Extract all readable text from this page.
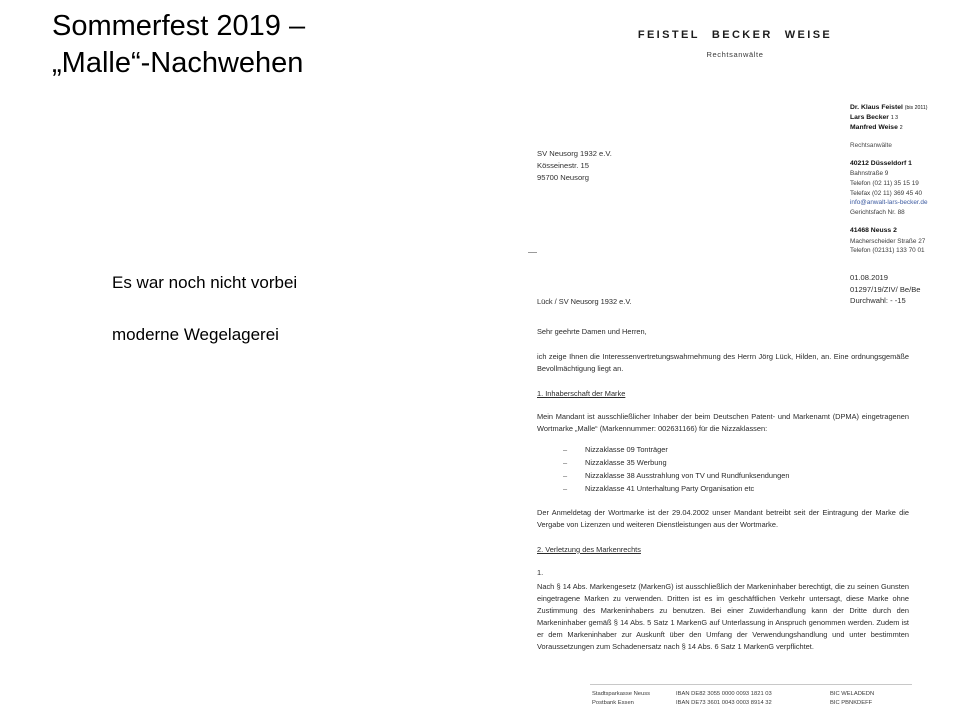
Sommerfest 2019 –
„Malle“-Nachwehen

Es war noch nicht vorbei

moderne Wegelagerei

FEISTEL BECKER WEISE
Rechtsanwälte
Dr. Klaus Feistel (bis 2011)
Lars Becker 1 3
Manfred Weise 2
Rechtsanwälte
40212 Düsseldorf 1
Bahnstraße 9
Telefon (02 11) 35 15 19
Telefax (02 11) 369 45 40
info@anwalt-lars-becker.de
Gerichtsfach Nr. 88
41468 Neuss 2
Macherscheider Straße 27
Telefon (02131) 133 70 01
01.08.2019
01297/19/ZIV/ Be/Be
Durchwahl: - -15
SV Neusorg 1932 e.V.
Kösseinestr. 15
95700 Neusorg
Lück / SV Neusorg 1932 e.V.
Sehr geehrte Damen und Herren,

ich zeige Ihnen die Interessenvertretungswahrnehmung des Herrn Jörg Lück, Hilden, an. Eine ordnungsgemäße Bevollmächtigung liegt an.

1. Inhaberschaft der Marke

Mein Mandant ist ausschließlicher Inhaber der beim Deutschen Patent- und Markenamt (DPMA) eingetragenen Wortmarke „Malle“ (Markennummer: 002631166) für die Nizzaklassen:

– Nizzaklasse 09 Tonträger
– Nizzaklasse 35 Werbung
– Nizzaklasse 38 Ausstrahlung von TV und Rundfunksendungen
– Nizzaklasse 41 Unterhaltung Party Organisation etc

Der Anmeldetag der Wortmarke ist der 29.04.2002 unser Mandant betreibt seit der Eintragung der Marke die Vergabe von Lizenzen und weiteren Dienstleistungen aus der Wortmarke.

2. Verletzung des Markenrechts

1.

Nach § 14 Abs. Markengesetz (MarkenG) ist ausschließlich der Markeninhaber berechtigt, die zu seinen Gunsten eingetragene Marken zu verwenden. Dritten ist es im geschäftlichen Verkehr untersagt, diese Marke ohne Zustimmung des Markeninhabers zu benutzen. Bei einer Zuwiderhandlung kann der Dritte durch den Markeninhaber gemäß § 14 Abs. 5 Satz 1 MarkenG auf Unterlassung in Anspruch genommen werden. Zudem ist er dem Markeninhaber zur Auskunft über den Umfang der Verwendungshandlung und unter bestimmten Voraussetzungen zum Schadenersatz nach § 14 Abs. 6 Satz 1 MarkenG verpflichtet.

Stadtsparkasse Neuss
Postbank Essen
IBAN DE82 3055 0000 0093 1821 03
IBAN DE73 3601 0043 0003 8914 32
BIC WELADEDN
BIC PBNKDEFF
